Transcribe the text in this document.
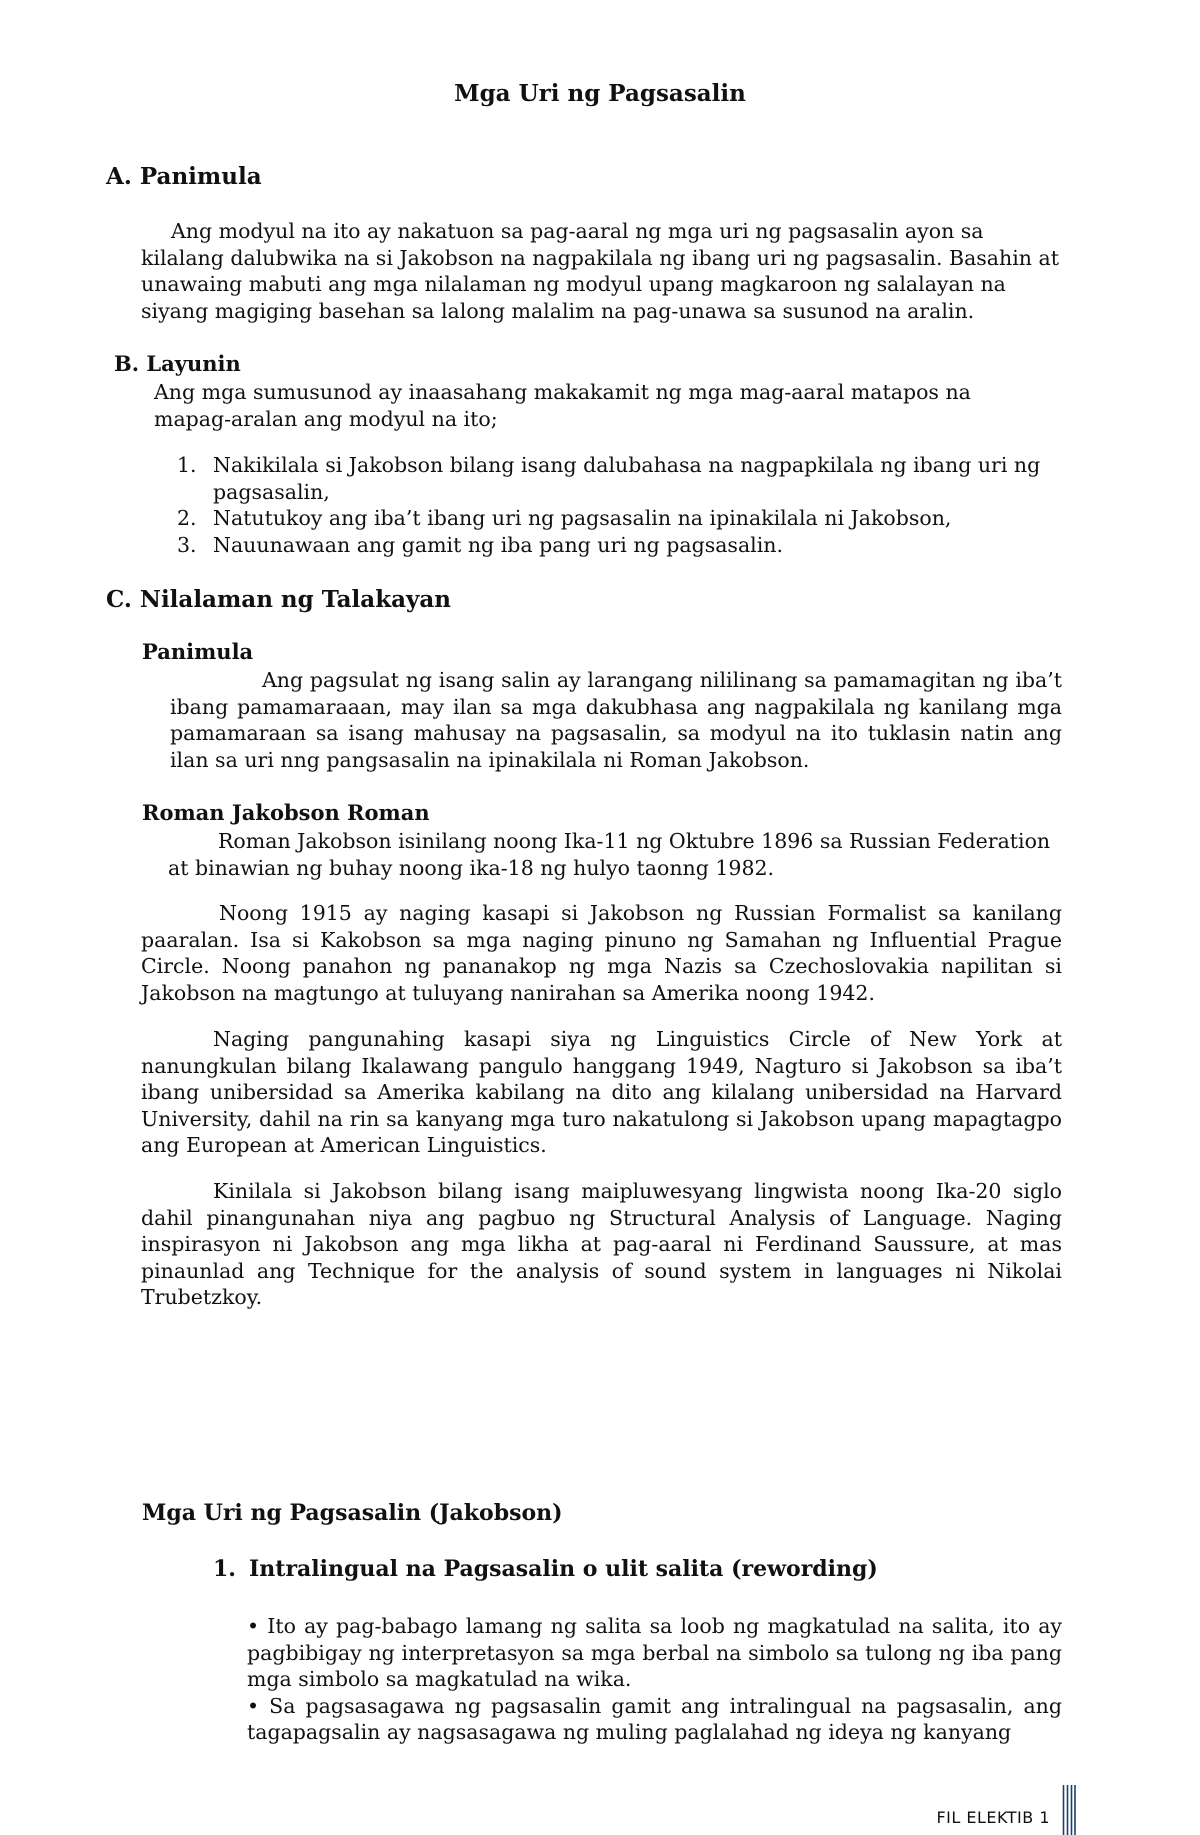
Mga Uri ng Pagsasalin
A. Panimula

Ang modyul na ito ay nakatuon sa pag-aaral ng mga uri ng pagsasalin ayon sa kilalang dalubwika na si Jakobson na nagpakilala ng ibang uri ng pagsasalin. Basahin at unawaing mabuti ang mga nilalaman ng modyul upang magkaroon ng salalayan na siyang magiging basehan sa lalong malalim na pag-unawa sa susunod na aralin.

B. Layunin

Ang mga sumusunod ay inaasahang makakamit ng mga mag-aaral matapos na mapag-aralan ang modyul na ito;

1. Nakikilala si Jakobson bilang isang dalubahasa na nagpapkilala ng ibang uri ng pagsasalin,
2. Natutukoy ang iba’t ibang uri ng pagsasalin na ipinakilala ni Jakobson,
3. Nauunawaan ang gamit ng iba pang uri ng pagsasalin.
C. Nilalaman ng Talakayan
Panimula

Ang pagsulat ng isang salin ay larangang nililinang sa pamamagitan ng iba’t ibang pamamaraaan, may ilan sa mga dakubhasa ang nagpakilala ng kanilang mga pamamaraan sa isang mahusay na pagsasalin, sa modyul na ito tuklasin natin ang ilan sa uri nng pangsasalin na ipinakilala ni Roman Jakobson.

Roman Jakobson Roman

Roman Jakobson isinilang noong Ika-11 ng Oktubre 1896 sa Russian Federation at binawian ng buhay noong ika-18 ng hulyo taonng 1982.

Noong 1915 ay naging kasapi si Jakobson ng Russian Formalist sa kanilang paaralan. Isa si Kakobson sa mga naging pinuno ng Samahan ng Influential Prague Circle. Noong panahon ng pananakop ng mga Nazis sa Czechoslovakia napilitan si Jakobson na magtungo at tuluyang nanirahan sa Amerika noong 1942.

Naging pangunahing kasapi siya ng Linguistics Circle of New York at nanungkulan bilang Ikalawang pangulo hanggang 1949, Nagturo si Jakobson sa iba’t ibang unibersidad sa Amerika kabilang na dito ang kilalang unibersidad na Harvard University, dahil na rin sa kanyang mga turo nakatulong si Jakobson upang mapagtagpo ang European at American Linguistics.

Kinilala si Jakobson bilang isang maipluwesyang lingwista noong Ika-20 siglo dahil pinangunahan niya ang pagbuo ng Structural Analysis of Language. Naging inspirasyon ni Jakobson ang mga likha at pag-aaral ni Ferdinand Saussure, at mas pinaunlad ang Technique for the analysis of sound system in languages ni Nikolai Trubetzkoy.

Mga Uri ng Pagsasalin (Jakobson)
1. Intralingual na Pagsasalin o ulit salita (rewording)
• Ito ay pag-babago lamang ng salita sa loob ng magkatulad na salita, ito ay pagbibigay ng interpretasyon sa mga berbal na simbolo sa tulong ng iba pang mga simbolo sa magkatulad na wika.
• Sa pagsasagawa ng pagsasalin gamit ang intralingual na pagsasalin, ang tagapagsalin ay nagsasagawa ng muling paglalahad ng ideya ng kanyang
FIL ELEKTIB 1
